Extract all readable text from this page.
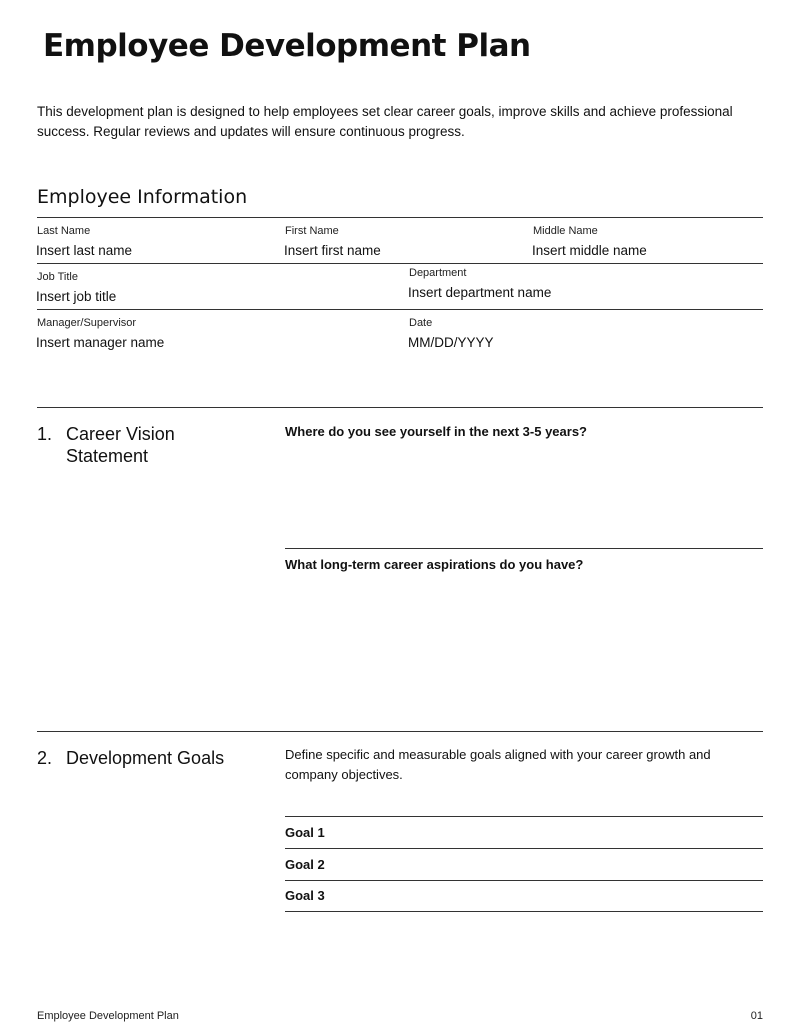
Employee Development Plan
This development plan is designed to help employees set clear career goals, improve skills and achieve professional success. Regular reviews and updates will ensure continuous progress.
Employee Information
Last Name
Insert last name
First Name
Insert first name
Middle Name
Insert middle name
Job Title
Insert job title
Department
Insert department name
Manager/Supervisor
Insert manager name
Date
MM/DD/YYYY
1. Career Vision
Statement
Where do you see yourself in the next 3-5 years?
What long-term career aspirations do you have?
2. Development Goals	Define specific and measurable goals aligned with your career growth and company objectives.
Goal 1
Goal 2
Goal 3
Employee Development Plan	01
